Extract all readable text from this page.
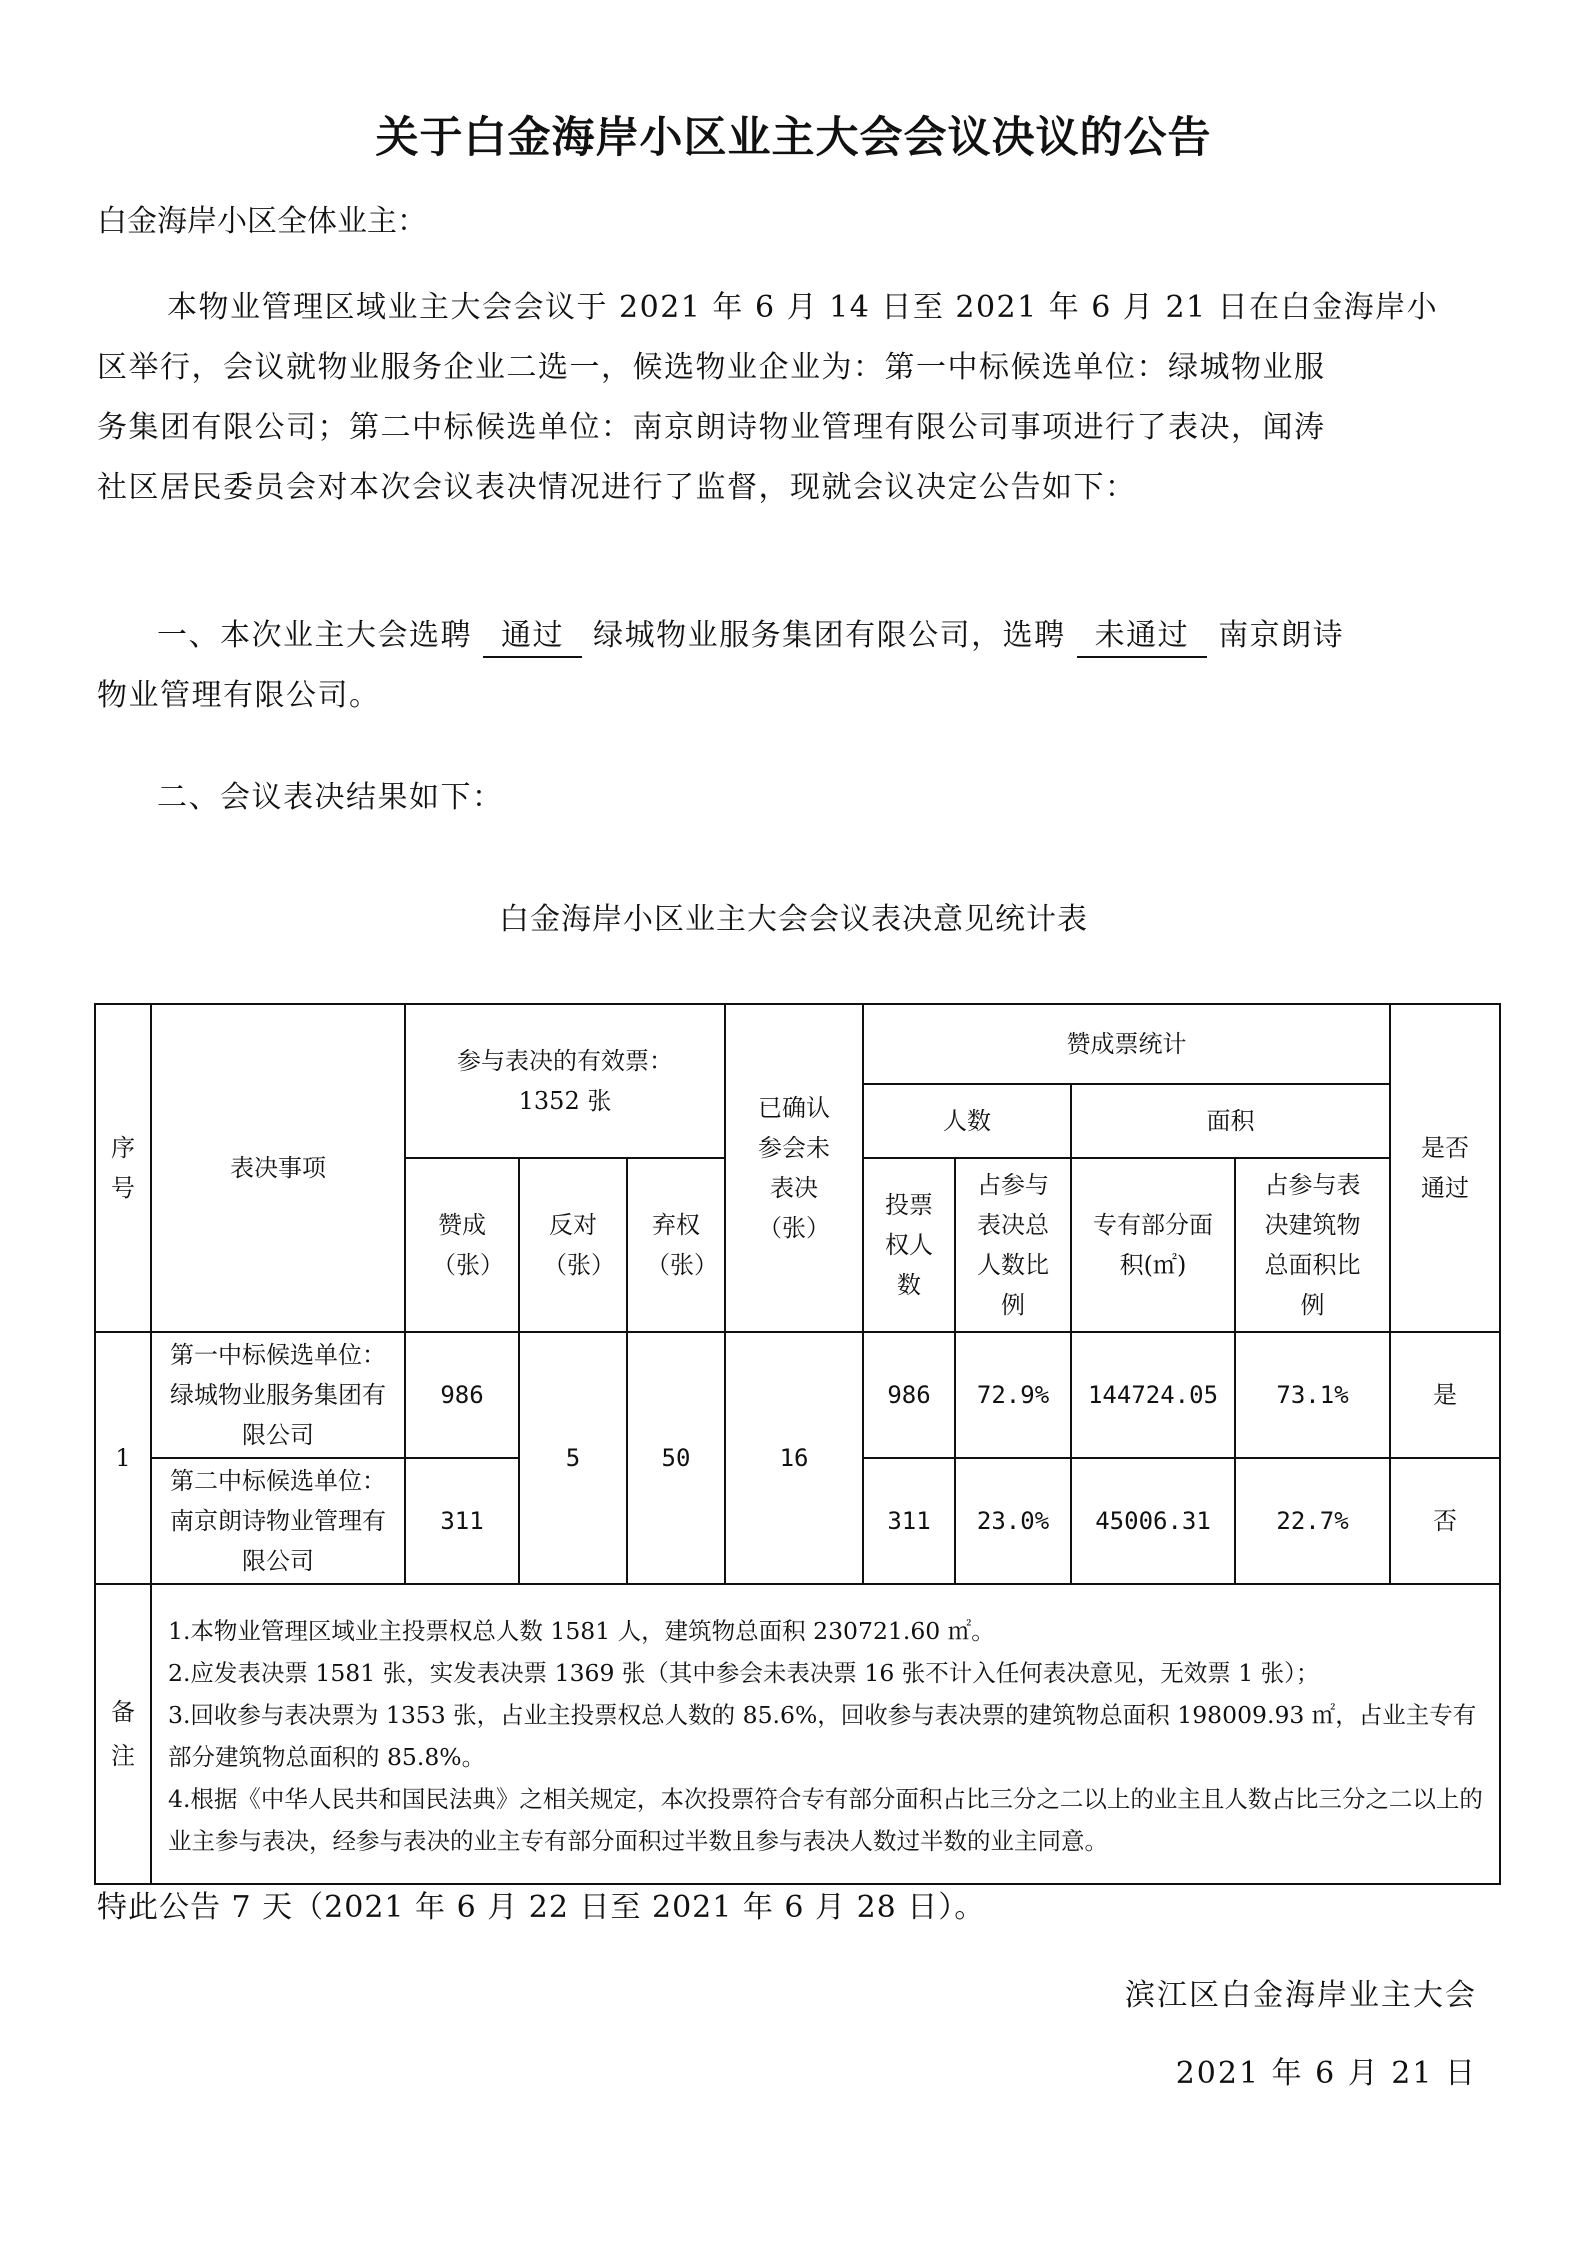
关于白金海岸小区业主大会会议决议的公告
白金海岸小区全体业主：

本物业管理区域业主大会会议于 2021 年 6 月 14 日至 2021 年 6 月 21 日在白金海岸小

区举行，会议就物业服务企业二选一，候选物业企业为：第一中标候选单位：绿城物业服

务集团有限公司；第二中标候选单位：南京朗诗物业管理有限公司事项进行了表决，闻涛

社区居民委员会对本次会议表决情况进行了监督，现就会议决定公告如下：

一、本次业主大会选聘 通过 绿城物业服务集团有限公司，选聘 未通过 南京朗诗
物业管理有限公司。
二、会议表决结果如下：
白金海岸小区业主大会会议表决意见统计表
序号	表决事项	参与表决的有效票：
1352 张			已确认参会未表决（张）	赞成票统计				是否通过
						人数		面积		
		赞成（张）	反对（张）	弃权（张）		投票权人数	占参与表决总人数比例	专有部分面积(㎡)	占参与表决建筑物总面积比例	
1	第一中标候选单位：绿城物业服务集团有限公司	986	5	50	16	986	72.9%	144724.05	73.1%	是
	第二中标候选单位：南京朗诗物业管理有限公司	311				311	23.0%	45006.31	22.7%	否
备注	1.本物业管理区域业主投票权总人数 1581 人，建筑物总面积 230721.60 ㎡。
2.应发表决票 1581 张，实发表决票 1369 张（其中参会未表决票 16 张不计入任何表决意见，无效票 1 张）；
3.回收参与表决票为 1353 张，占业主投票权总人数的 85.6%，回收参与表决票的建筑物总面积 198009.93 ㎡，占业主专有部分建筑物总面积的 85.8%。
4.根据《中华人民共和国民法典》之相关规定，本次投票符合专有部分面积占比三分之二以上的业主且人数占比三分之二以上的业主参与表决，经参与表决的业主专有部分面积过半数且参与表决人数过半数的业主同意。									
特此公告 7 天（2021 年 6 月 22 日至 2021 年 6 月 28 日）。
滨江区白金海岸业主大会
2021 年 6 月 21 日
